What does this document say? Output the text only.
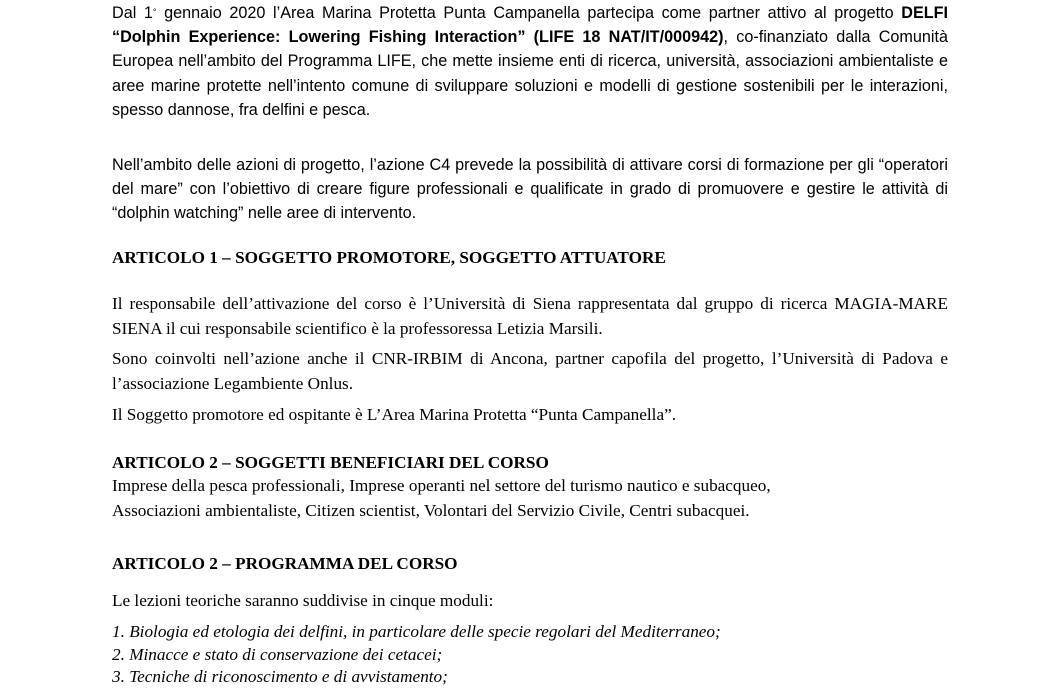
Dal 1° gennaio 2020 l’Area Marina Protetta Punta Campanella partecipa come partner attivo al progetto DELFI “Dolphin Experience: Lowering Fishing Interaction” (LIFE 18 NAT/IT/000942), co-finanziato dalla Comunità Europea nell’ambito del Programma LIFE, che mette insieme enti di ricerca, università, associazioni ambientaliste e aree marine protette nell’intento comune di sviluppare soluzioni e modelli di gestione sostenibili per le interazioni, spesso dannose, fra delfini e pesca.

Nell’ambito delle azioni di progetto, l’azione C4 prevede la possibilità di attivare corsi di formazione per gli “operatori del mare” con l’obiettivo di creare figure professionali e qualificate in grado di promuovere e gestire le attività di “dolphin watching” nelle aree di intervento.

ARTICOLO 1 – SOGGETTO PROMOTORE, SOGGETTO ATTUATORE

Il responsabile dell’attivazione del corso è l’Università di Siena rappresentata dal gruppo di ricerca MAGIA-MARE SIENA il cui responsabile scientifico è la professoressa Letizia Marsili.

Sono coinvolti nell’azione anche il CNR-IRBIM di Ancona, partner capofila del progetto, l’Università di Padova e l’associazione Legambiente Onlus.

Il Soggetto promotore ed ospitante è L’Area Marina Protetta “Punta Campanella”.

ARTICOLO 2 – SOGGETTI BENEFICIARI DEL CORSO

Imprese della pesca professionali, Imprese operanti nel settore del turismo nautico e subacqueo,
Associazioni ambientaliste, Citizen scientist, Volontari del Servizio Civile, Centri subacquei.

ARTICOLO 2 – PROGRAMMA DEL CORSO

Le lezioni teoriche saranno suddivise in cinque moduli:

1. Biologia ed etologia dei delfini, in particolare delle specie regolari del Mediterraneo;

2. Minacce e stato di conservazione dei cetacei;

3. Tecniche di riconoscimento e di avvistamento;
